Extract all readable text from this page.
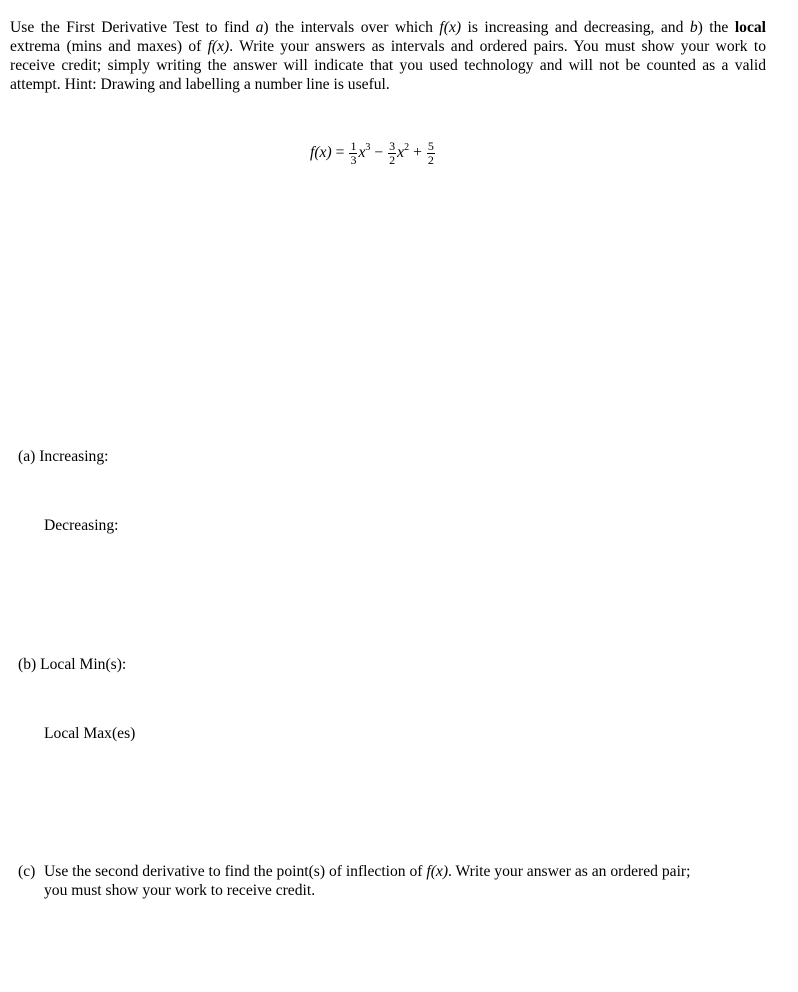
Use the First Derivative Test to find a) the intervals over which f(x) is increasing and decreasing, and b) the local extrema (mins and maxes) of f(x). Write your answers as intervals and ordered pairs. You must show your work to receive credit; simply writing the answer will indicate that you used technology and will not be counted as a valid attempt. Hint: Drawing and labelling a number line is useful.

$f(x) = \frac{1}{3}$ x $3 - \frac{3}{2}$ x $2 + \frac{5}{2}$

(a) Increasing:

Decreasing:

(b) Local Min(s):

Local Max(es)

(c) Use the second derivative to find the point(s) of inflection of f(x). Write your answer as an ordered pair;
you must show your work to receive credit.
